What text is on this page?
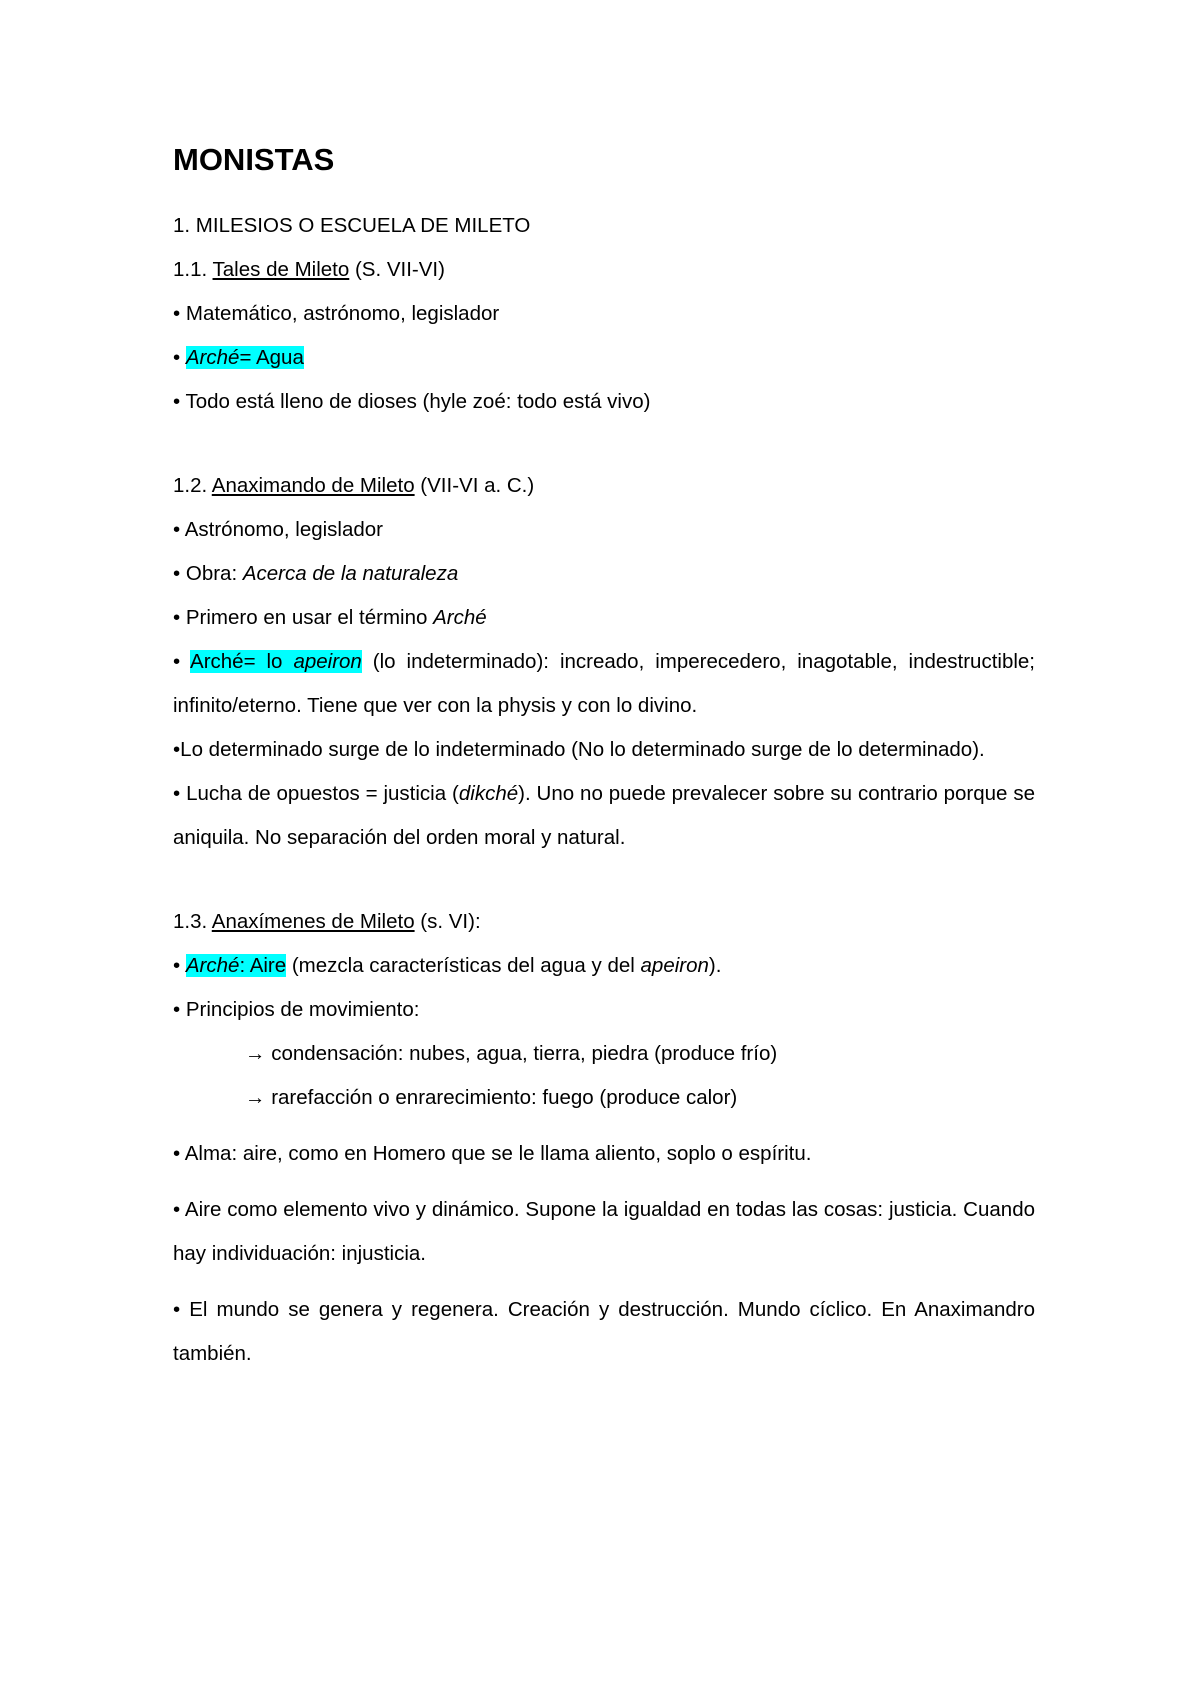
MONISTAS

1. MILESIOS O ESCUELA DE MILETO

1.1. Tales de Mileto (S. VII-VI)

• Matemático, astrónomo, legislador

• Arché= Agua

• Todo está lleno de dioses (hyle zoé: todo está vivo)

1.2. Anaximando de Mileto (VII-VI a. C.)

• Astrónomo, legislador

• Obra: Acerca de la naturaleza

• Primero en usar el término Arché

• Arché= lo apeiron (lo indeterminado): increado, imperecedero, inagotable, indestructible; infinito/eterno. Tiene que ver con la physis y con lo divino.

•Lo determinado surge de lo indeterminado (No lo determinado surge de lo determinado).

• Lucha de opuestos = justicia (dikché). Uno no puede prevalecer sobre su contrario porque se aniquila. No separación del orden moral y natural.

1.3. Anaxímenes de Mileto (s. VI):

• Arché: Aire (mezcla características del agua y del apeiron).

• Principios de movimiento:

→ condensación: nubes, agua, tierra, piedra (produce frío)

→ rarefacción o enrarecimiento: fuego (produce calor)

• Alma: aire, como en Homero que se le llama aliento, soplo o espíritu.

• Aire como elemento vivo y dinámico. Supone la igualdad en todas las cosas: justicia. Cuando hay individuación: injusticia.

• El mundo se genera y regenera. Creación y destrucción. Mundo cíclico. En Anaximandro también.
